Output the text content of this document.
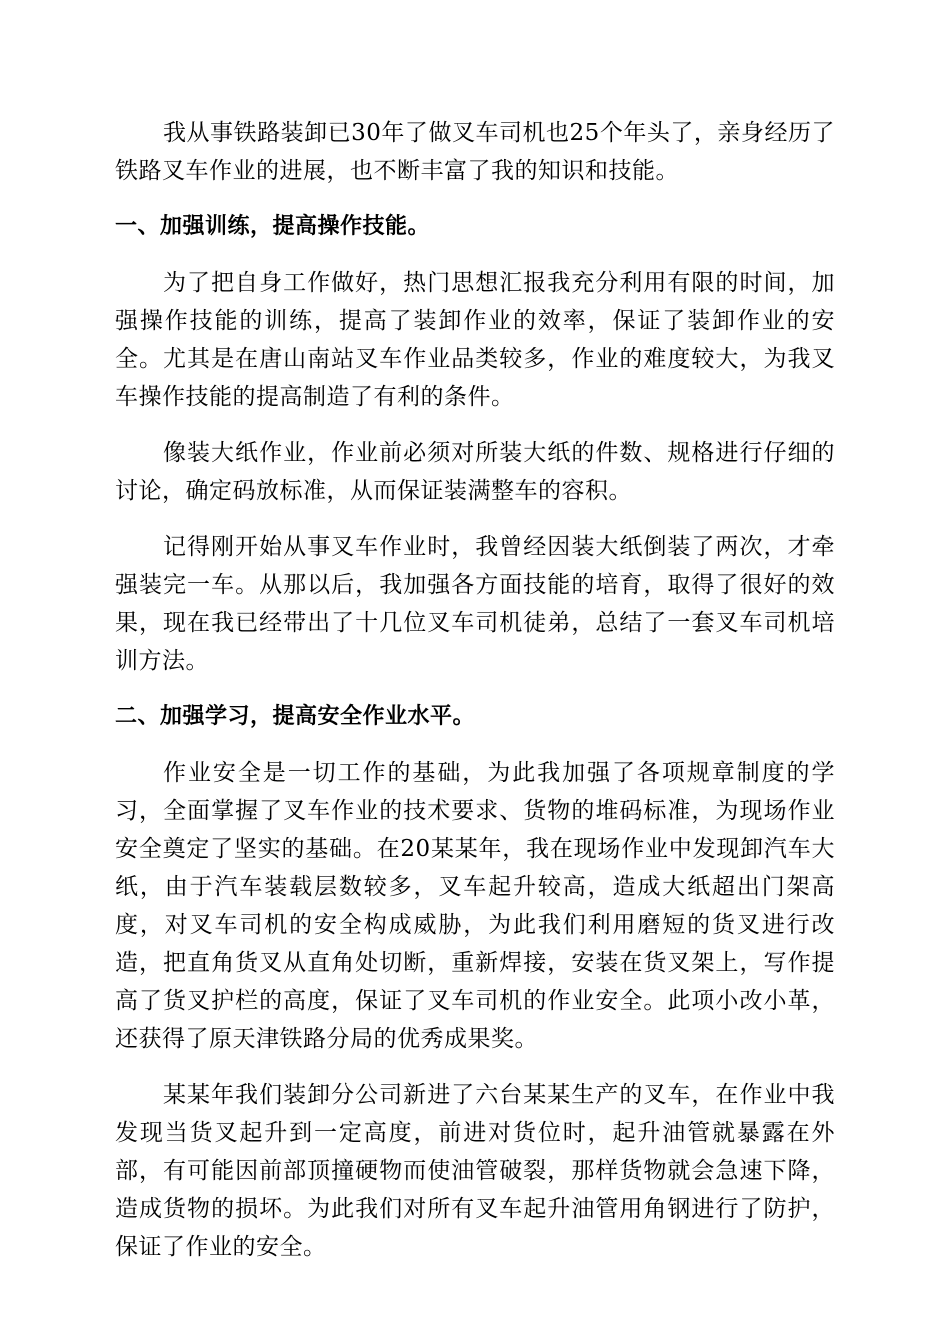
我从事铁路装卸已30年了做叉车司机也25个年头了，亲身经历了铁路叉车作业的进展，也不断丰富了我的知识和技能。

一、加强训练，提高操作技能。

为了把自身工作做好，热门思想汇报我充分利用有限的时间，加强操作技能的训练，提高了装卸作业的效率，保证了装卸作业的安全。尤其是在唐山南站叉车作业品类较多，作业的难度较大，为我叉车操作技能的提高制造了有利的条件。

像装大纸作业，作业前必须对所装大纸的件数、规格进行仔细的讨论，确定码放标准，从而保证装满整车的容积。

记得刚开始从事叉车作业时，我曾经因装大纸倒装了两次，才牵强装完一车。从那以后，我加强各方面技能的培育，取得了很好的效果，现在我已经带出了十几位叉车司机徒弟，总结了一套叉车司机培训方法。

二、加强学习，提高安全作业水平。

作业安全是一切工作的基础，为此我加强了各项规章制度的学习，全面掌握了叉车作业的技术要求、货物的堆码标准，为现场作业安全奠定了坚实的基础。在20某某年，我在现场作业中发现卸汽车大纸，由于汽车装载层数较多，叉车起升较高，造成大纸超出门架高度，对叉车司机的安全构成威胁，为此我们利用磨短的货叉进行改造，把直角货叉从直角处切断，重新焊接，安装在货叉架上，写作提高了货叉护栏的高度，保证了叉车司机的作业安全。此项小改小革，还获得了原天津铁路分局的优秀成果奖。

某某年我们装卸分公司新进了六台某某生产的叉车，在作业中我发现当货叉起升到一定高度，前进对货位时，起升油管就暴露在外部，有可能因前部顶撞硬物而使油管破裂，那样货物就会急速下降，造成货物的损坏。为此我们对所有叉车起升油管用角钢进行了防护，保证了作业的安全。
